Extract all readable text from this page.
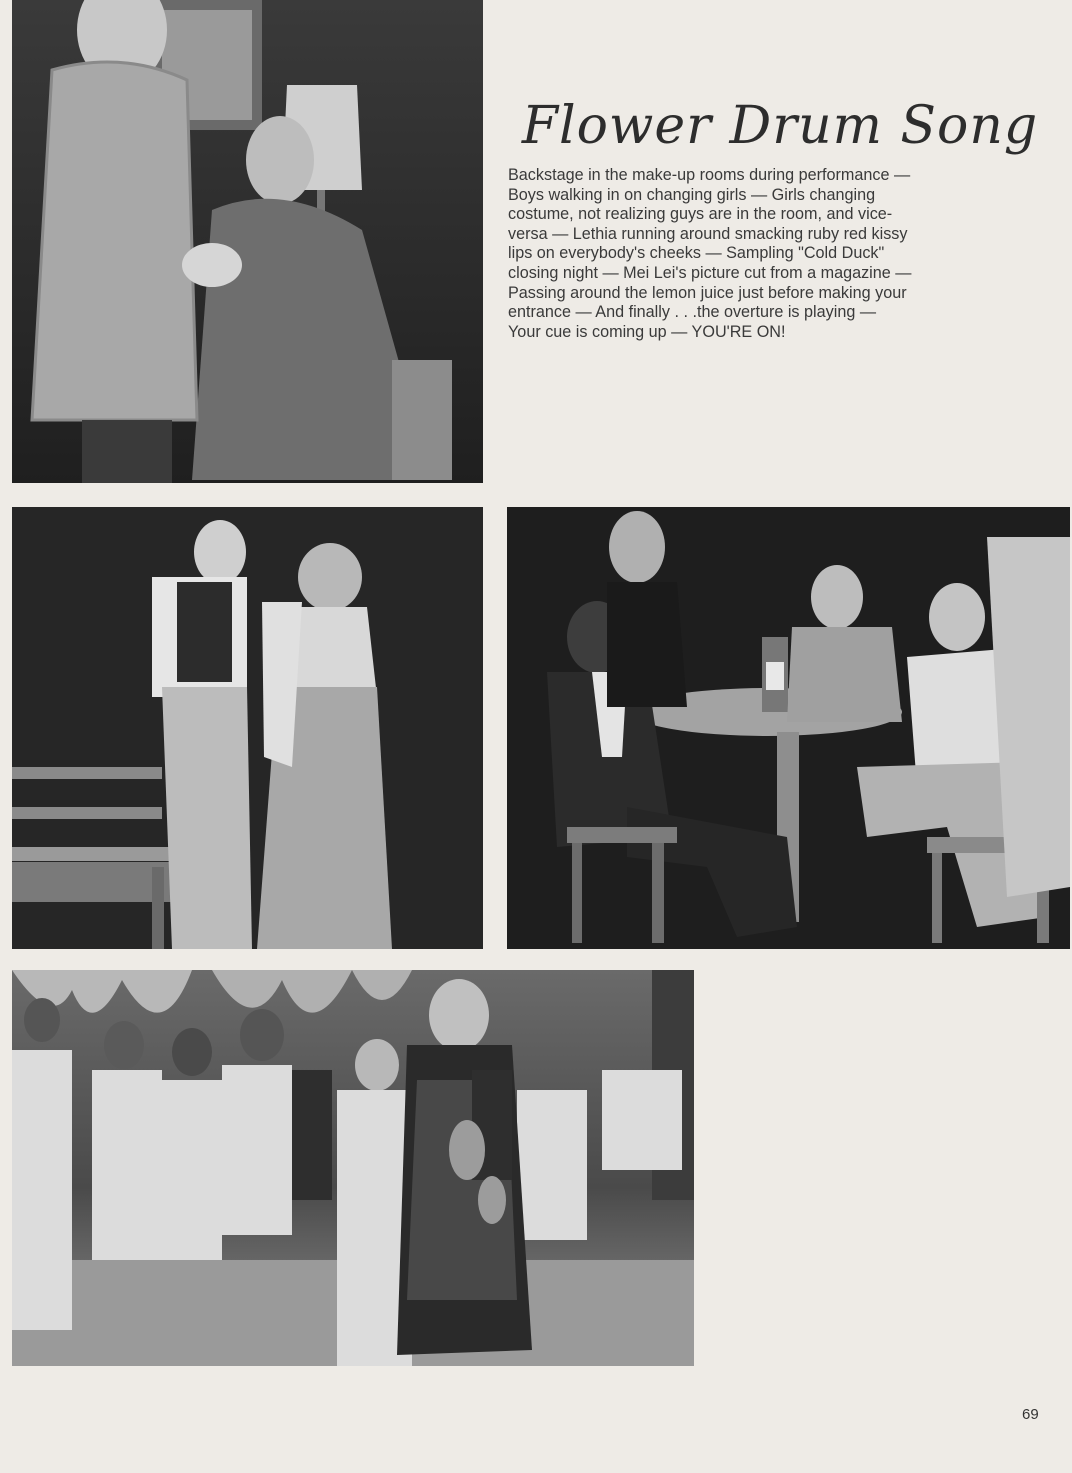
Flower Drum Song

Backstage in the make-up rooms during performance —
Boys walking in on changing girls — Girls changing
costume, not realizing guys are in the room, and vice-
versa — Lethia running around smacking ruby red kissy
lips on everybody's cheeks — Sampling "Cold Duck"
closing night — Mei Lei's picture cut from a magazine —
Passing around the lemon juice just before making your
entrance — And finally . . .the overture is playing —
Your cue is coming up — YOU'RE ON!

69
